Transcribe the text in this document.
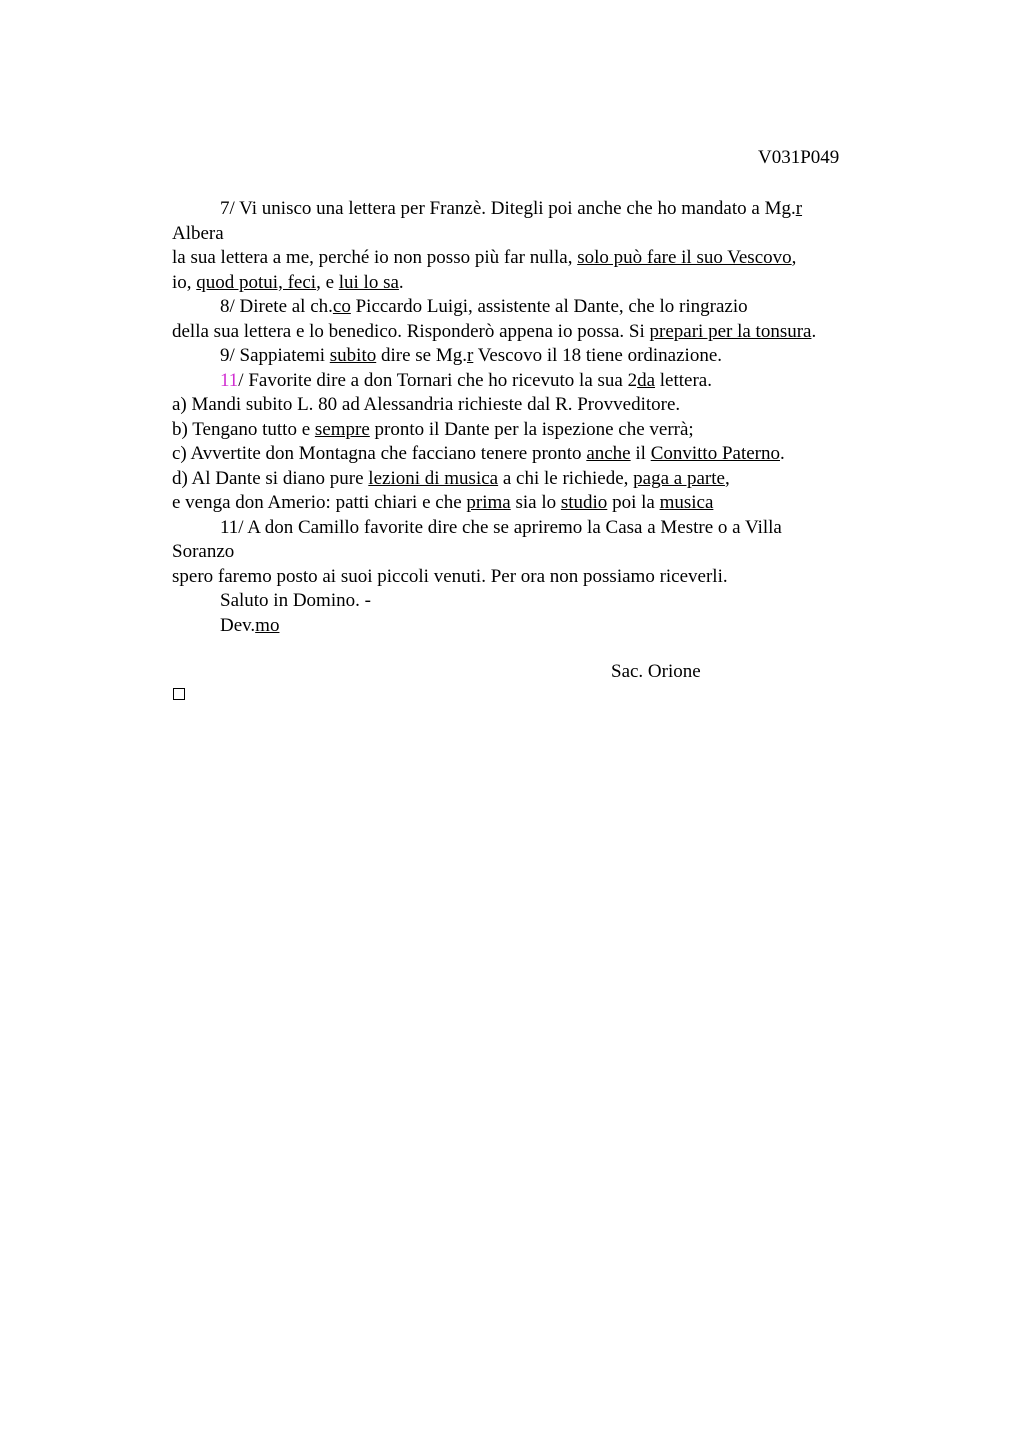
V031P049
7/ Vi unisco una lettera per Franzè. Ditegli poi anche che ho mandato a Mg.r
Albera
la sua lettera a me, perché io non posso più far nulla, solo può fare il suo Vescovo,
io, quod potui, feci, e lui lo sa.
8/ Direte al ch.co Piccardo Luigi, assistente al Dante, che lo ringrazio
della sua lettera e lo benedico. Risponderò appena io possa. Si prepari per la tonsura.
9/ Sappiatemi subito dire se Mg.r Vescovo il 18 tiene ordinazione.
11/ Favorite dire a don Tornari che ho ricevuto la sua 2da lettera.
a) Mandi subito L. 80 ad Alessandria richieste dal R. Provveditore.
b) Tengano tutto e sempre pronto il Dante per la ispezione che verrà;
c) Avvertite don Montagna che facciano tenere pronto anche il Convitto Paterno.
d) Al Dante si diano pure lezioni di musica a chi le richiede, paga a parte,
e venga don Amerio: patti chiari e che prima sia lo studio poi la musica
11/ A don Camillo favorite dire che se apriremo la Casa a Mestre o a Villa
Soranzo
spero faremo posto ai suoi piccoli venuti. Per ora non possiamo riceverli.
Saluto in Domino. -
Dev.mo
Sac. Orione
